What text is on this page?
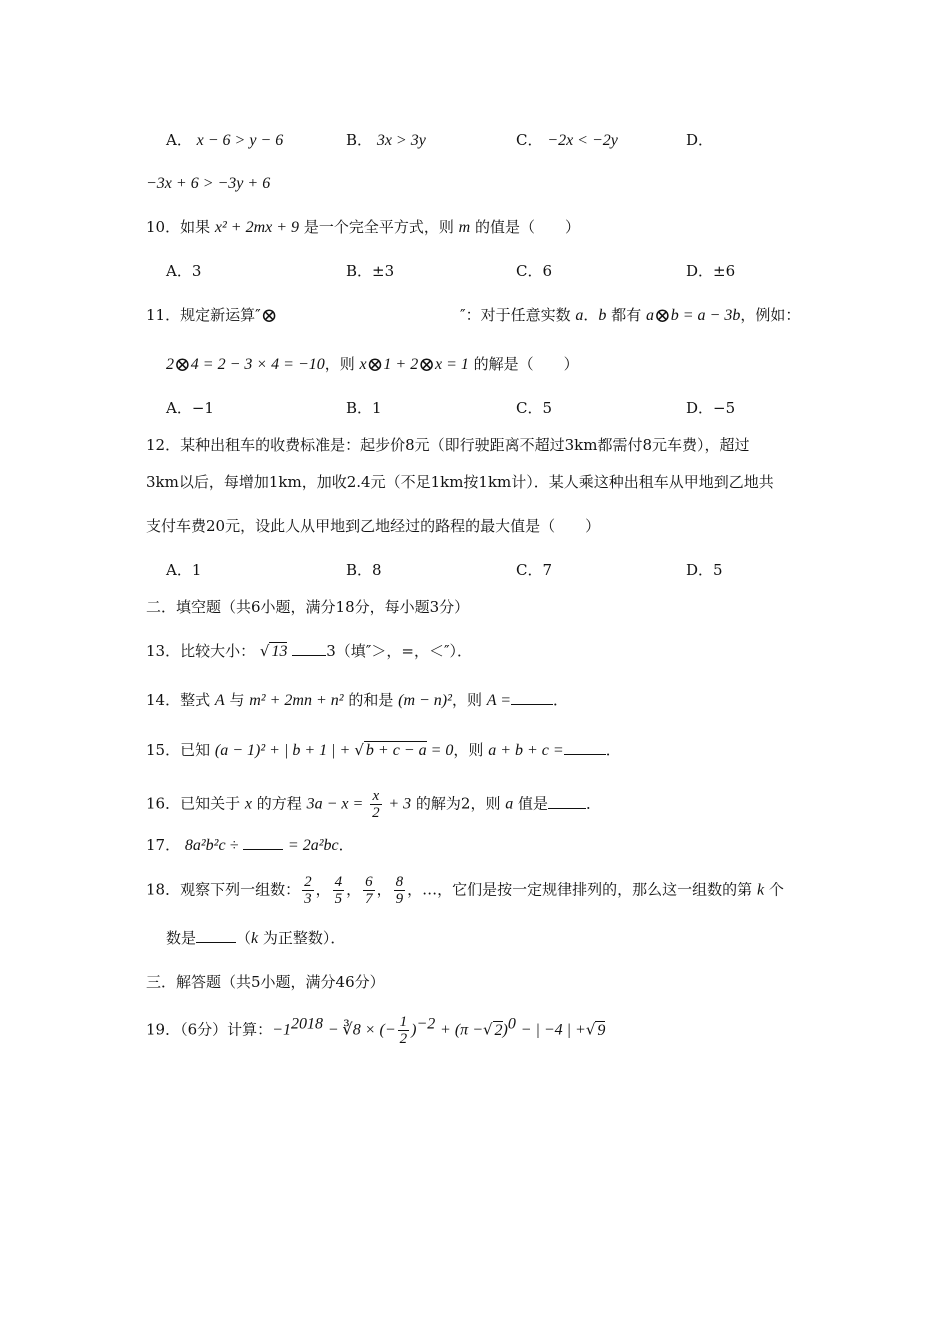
A． x − 6 > y − 6	B． 3x > 3y	C． −2x < −2y	D．
−3x + 6 > −3y + 6
10．如果 x² + 2mx + 9 是一个完全平方式，则 m 的值是（　　）
A．3	B．±3	C．6	D．±6
11．规定新运算″⊗	″：对于任意实数 a．b 都有 a⊗b = a − 3b，例如：
2⊗4 = 2 − 3 × 4 = −10，则 x⊗1 + 2⊗x = 1 的解是（　　）
A．−1	B．1	C．5	D．−5
12．某种出租车的收费标准是：起步价8元（即行驶距离不超过3km都需付8元车费），超过
3km以后，每增加1km，加收2.4元（不足1km按1km计）．某人乘这种出租车从甲地到乙地共
支付车费20元，设此人从甲地到乙地经过的路程的最大值是（　　）
A．1	B．8	C．7	D．5
二．填空题（共6小题，满分18分，每小题3分）
13．比较大小： √ 13	3（填″＞，=，＜″）．
14．整式 A 与 m² + 2mn + n² 的和是 (m − n)²，则 A =	．
15．已知 (a − 1)² + | b + 1 | + √ b + c − a = 0，则 a + b + c =	．
16．已知关于 x 的方程 $3a - x = \frac{x}{2} + 3$ 的解为2，则 a 值是	．
17． 8a²b²c ÷	= 2a²bc．
18．观察下列一组数： $\frac{2}{3}$ ， $\frac{4}{5}$ ， $\frac{6}{7}$ ， $\frac{8}{9}$ ，…，它们是按一定规律排列的，那么这一组数的第 k 个
数是	（k 为正整数）．
三．解答题（共5小题，满分46分）
19．（6分）计算：$-1^{2018}$ − ∛8 × (− $\frac{1}{2} )^{-2} + (\pi$ −√ 2)$^0$ − | −4 | +√ 9
